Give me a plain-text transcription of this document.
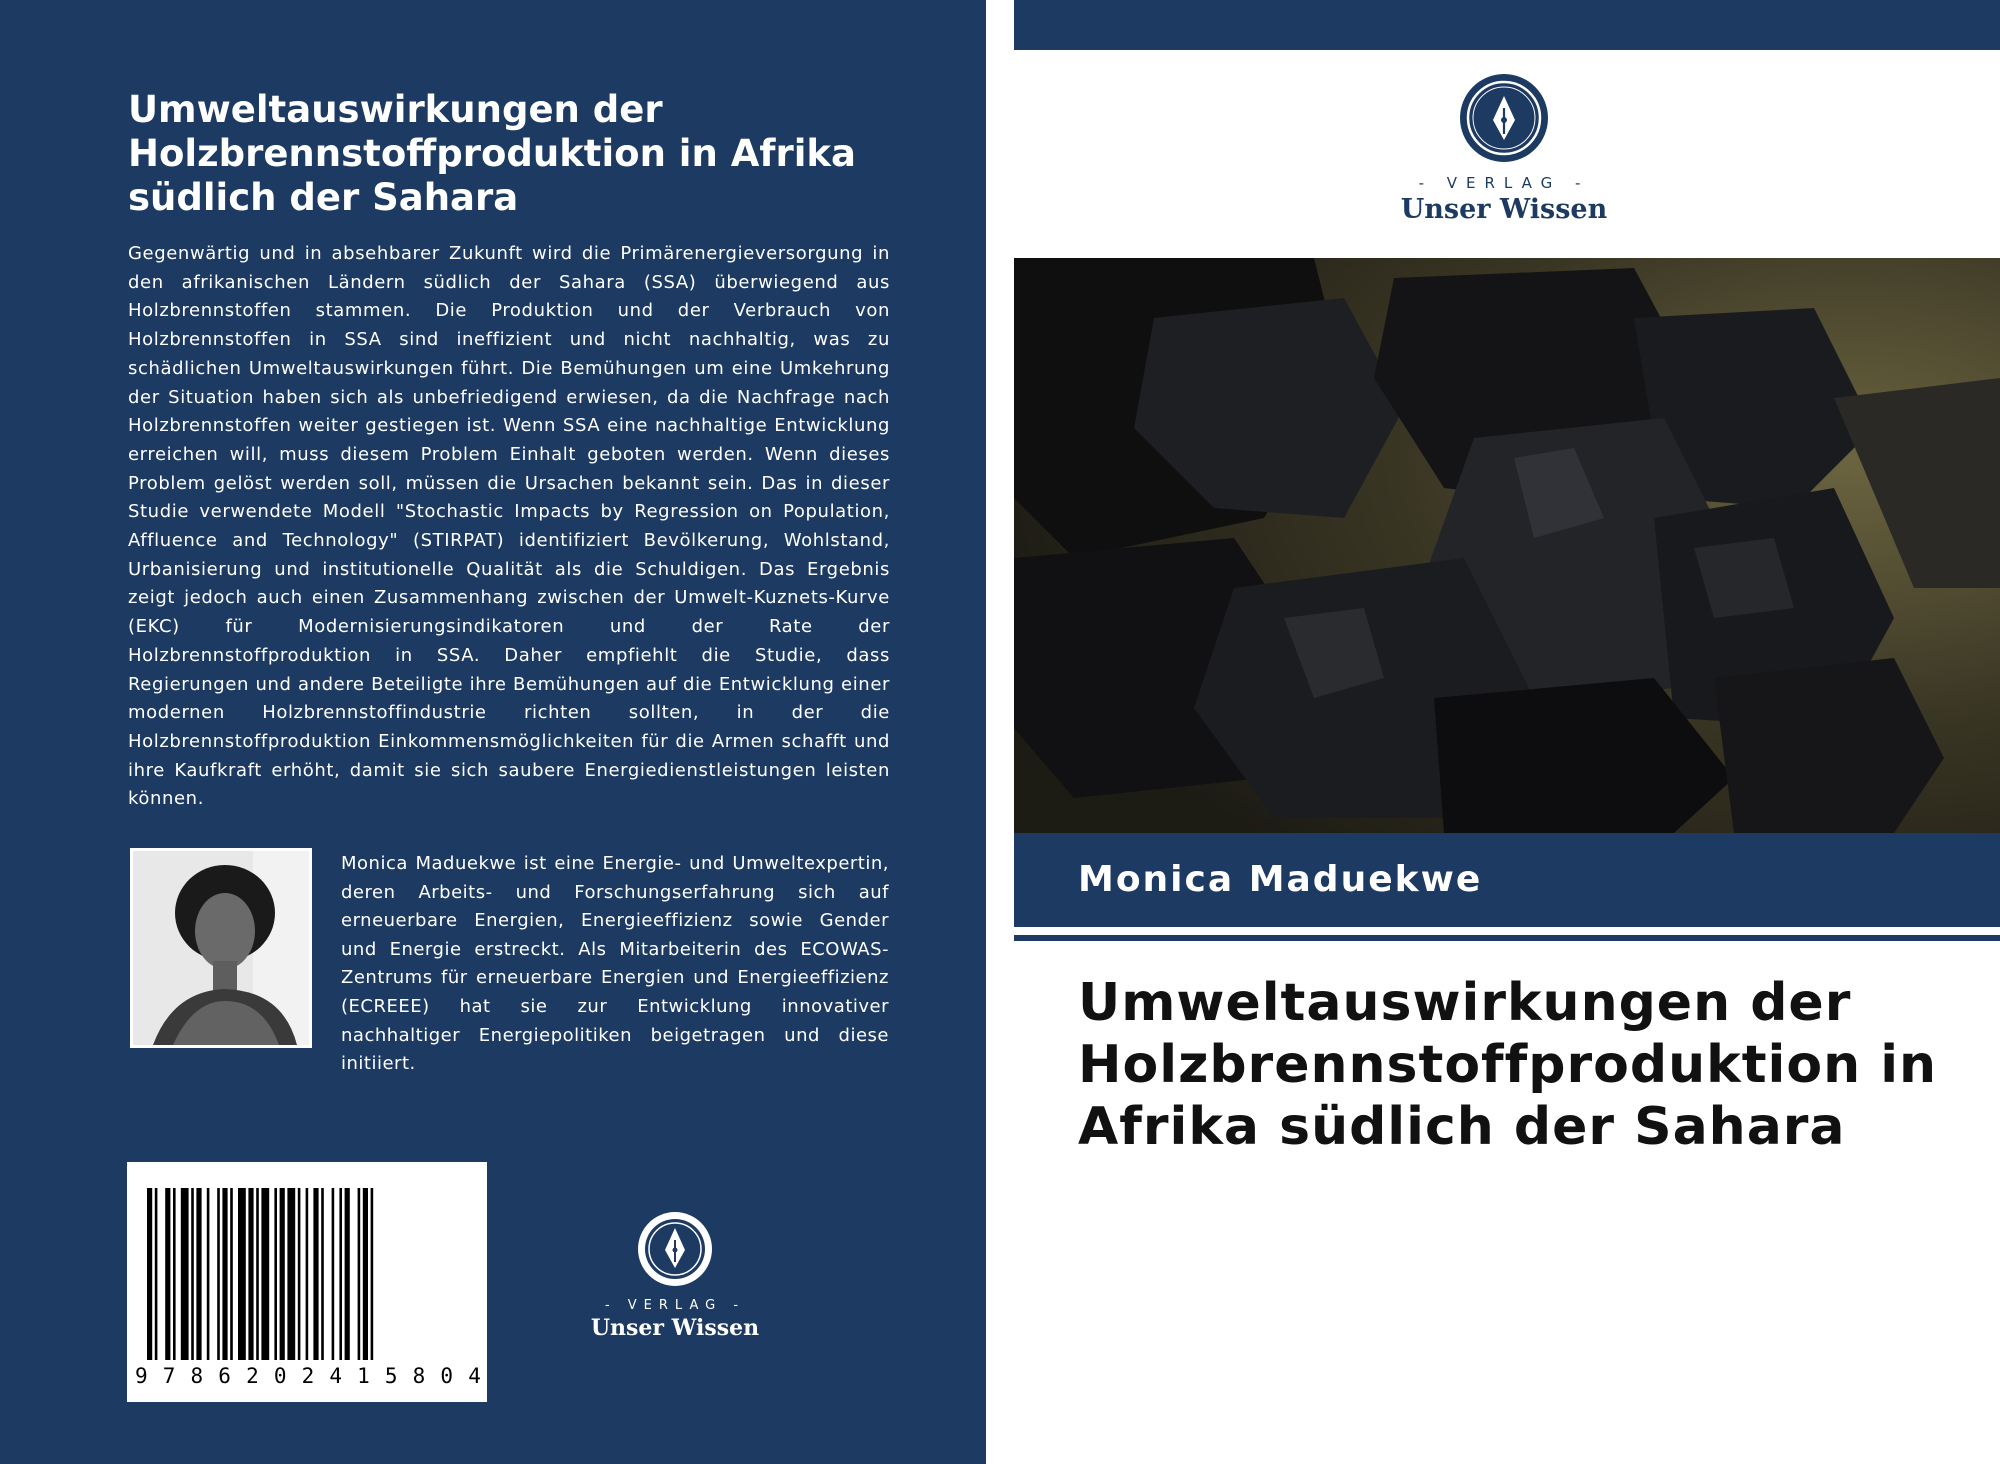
Umweltauswirkungen der Holzbrennstoffproduktion in Afrika südlich der Sahara

Gegenwärtig und in absehbarer Zukunft wird die Primärenergieversorgung in den afrikanischen Ländern südlich der Sahara (SSA) überwiegend aus Holzbrennstoffen stammen. Die Produktion und der Verbrauch von Holzbrennstoffen in SSA sind ineffizient und nicht nachhaltig, was zu schädlichen Umweltauswirkungen führt. Die Bemühungen um eine Umkehrung der Situation haben sich als unbefriedigend erwiesen, da die Nachfrage nach Holzbrennstoffen weiter gestiegen ist. Wenn SSA eine nachhaltige Entwicklung erreichen will, muss diesem Problem Einhalt geboten werden. Wenn dieses Problem gelöst werden soll, müssen die Ursachen bekannt sein. Das in dieser Studie verwendete Modell "Stochastic Impacts by Regression on Population, Affluence and Technology" (STIRPAT) identifiziert Bevölkerung, Wohlstand, Urbanisierung und institutionelle Qualität als die Schuldigen. Das Ergebnis zeigt jedoch auch einen Zusammenhang zwischen der Umwelt-Kuznets-Kurve (EKC) für Modernisierungsindikatoren und der Rate der Holzbrennstoffproduktion in SSA. Daher empfiehlt die Studie, dass Regierungen und andere Beteiligte ihre Bemühungen auf die Entwicklung einer modernen Holzbrennstoffindustrie richten sollten, in der die Holzbrennstoffproduktion Einkommensmöglichkeiten für die Armen schafft und ihre Kaufkraft erhöht, damit sie sich saubere Energiedienstleistungen leisten können.

Monica Maduekwe ist eine Energie- und Umweltexpertin, deren Arbeits- und Forschungserfahrung sich auf erneuerbare Energien, Energieeffizienz sowie Gender und Energie erstreckt. Als Mitarbeiterin des ECOWAS-Zentrums für erneuerbare Energien und Energieeffizienz (ECREEE) hat sie zur Entwicklung innovativer nachhaltiger Energiepolitiken beigetragen und diese initiiert.

9 7 8 6 2 0 2 4 1 5 8 0 4
- VERLAG -
Unser Wissen
- VERLAG -
Unser Wissen
Monica Maduekwe
Umweltauswirkungen der Holzbrennstoffproduktion in Afrika südlich der Sahara
